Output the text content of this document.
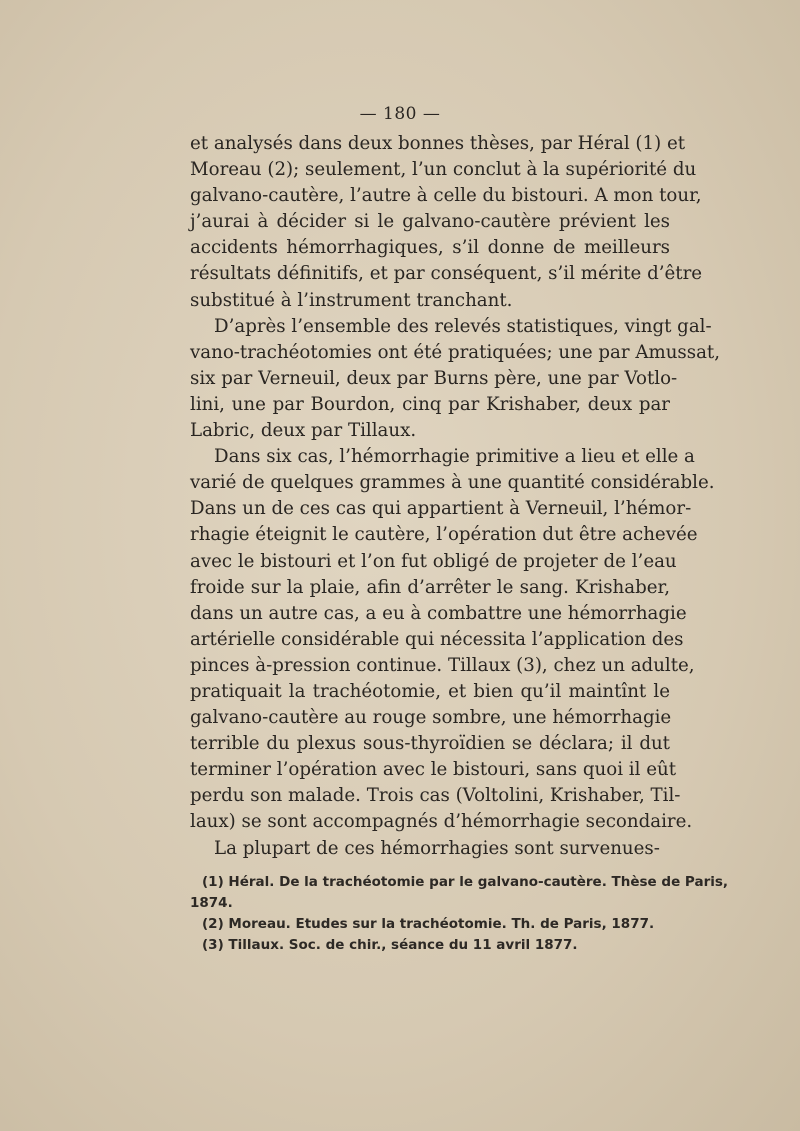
— 180 —
et analysés dans deux bonnes thèses, par Héral (1) et
Moreau (2); seulement, l’un conclut à la supériorité du
galvano-cautère, l’autre à celle du bistouri. A mon tour,
j’aurai à décider si le galvano-cautère prévient les
accidents hémorrhagiques, s’il donne de meilleurs
résultats définitifs, et par conséquent, s’il mérite d’être
substitué à l’instrument tranchant.
D’après l’ensemble des relevés statistiques, vingt gal-
vano-trachéotomies ont été pratiquées; une par Amussat,
six par Verneuil, deux par Burns père, une par Votlo-
lini, une par Bourdon, cinq par Krishaber, deux par
Labric, deux par Tillaux.
Dans six cas, l’hémorrhagie primitive a lieu et elle a
varié de quelques grammes à une quantité considérable.
Dans un de ces cas qui appartient à Verneuil, l’hémor-
rhagie éteignit le cautère, l’opération dut être achevée
avec le bistouri et l’on fut obligé de projeter de l’eau
froide sur la plaie, afin d’arrêter le sang. Krishaber,
dans un autre cas, a eu à combattre une hémorrhagie
artérielle considérable qui nécessita l’application des
pinces à-pression continue. Tillaux (3), chez un adulte,
pratiquait la trachéotomie, et bien qu’il maintînt le
galvano-cautère au rouge sombre, une hémorrhagie
terrible du plexus sous-thyroïdien se déclara; il dut
terminer l’opération avec le bistouri, sans quoi il eût
perdu son malade. Trois cas (Voltolini, Krishaber, Til-
laux) se sont accompagnés d’hémorrhagie secondaire.
La plupart de ces hémorrhagies sont survenues-
(1) Héral. De la trachéotomie par le galvano-cautère. Thèse de Paris,
1874.
(2) Moreau. Etudes sur la trachéotomie. Th. de Paris, 1877.
(3) Tillaux. Soc. de chir., séance du 11 avril 1877.
